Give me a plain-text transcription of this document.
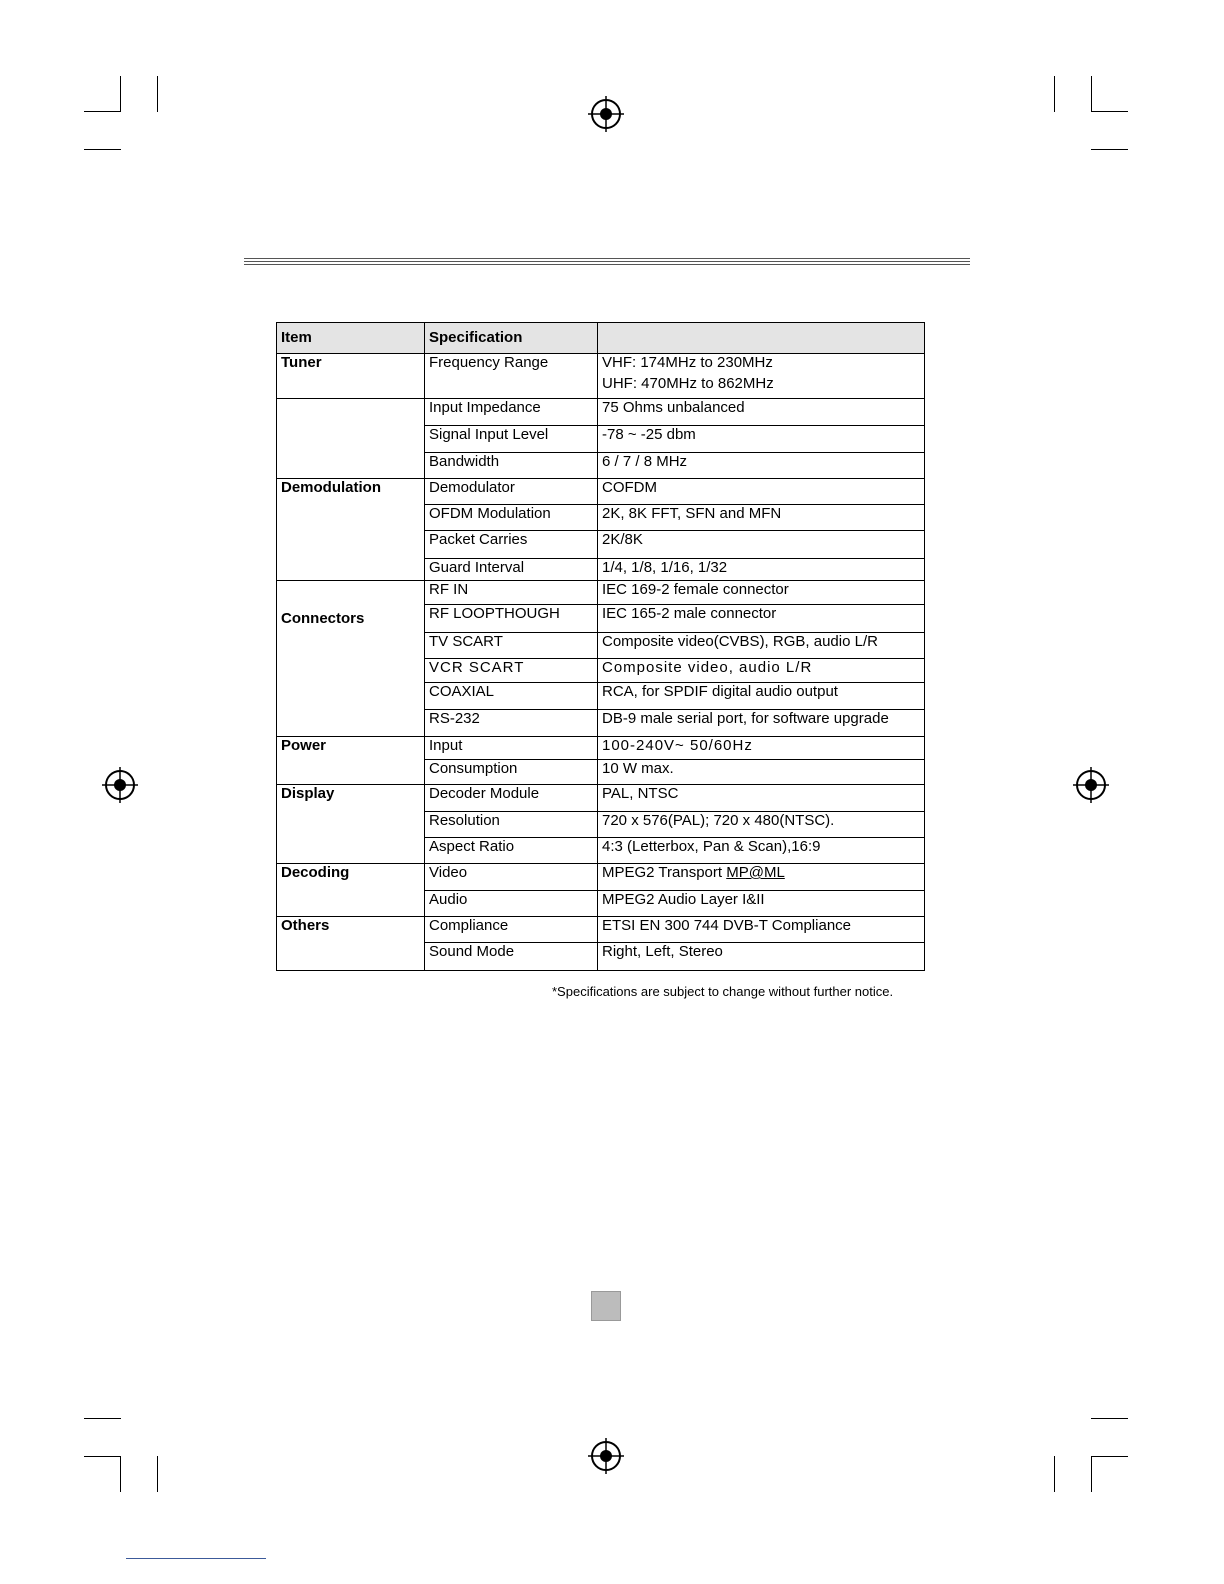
Item	Specification	
Tuner	Frequency Range	VHF: 174MHz to 230MHz
UHF: 470MHz to 862MHz

	Input Impedance	75 Ohms unbalanced
	Signal Input Level	-78 ~ -25 dbm
	Bandwidth	6 / 7 / 8 MHz
Demodulation	Demodulator	COFDM
	OFDM Modulation	2K, 8K FFT, SFN and MFN
	Packet Carries	2K/8K
	Guard Interval	1/4, 1/8, 1/16, 1/32
Connectors	RF IN	IEC 169-2 female connector
	RF LOOPTHOUGH	IEC 165-2 male connector
	TV SCART	Composite video(CVBS), RGB, audio L/R
	VCR SCART	Composite video, audio L/R
	COAXIAL	RCA, for SPDIF digital audio output
	RS-232	DB-9 male serial port, for software upgrade
Power	Input	100-240V~ 50/60Hz
	Consumption	10 W max.
Display	Decoder Module	PAL, NTSC
	Resolution	720 x 576(PAL); 720 x 480(NTSC).
	Aspect Ratio	4:3 (Letterbox, Pan & Scan),16:9
Decoding	Video	MPEG2 Transport MP@ML
	Audio	MPEG2 Audio Layer I&II
Others	Compliance	ETSI EN 300 744 DVB-T Compliance
	Sound Mode	Right, Left, Stereo
*Specifications are subject to change without further notice.
